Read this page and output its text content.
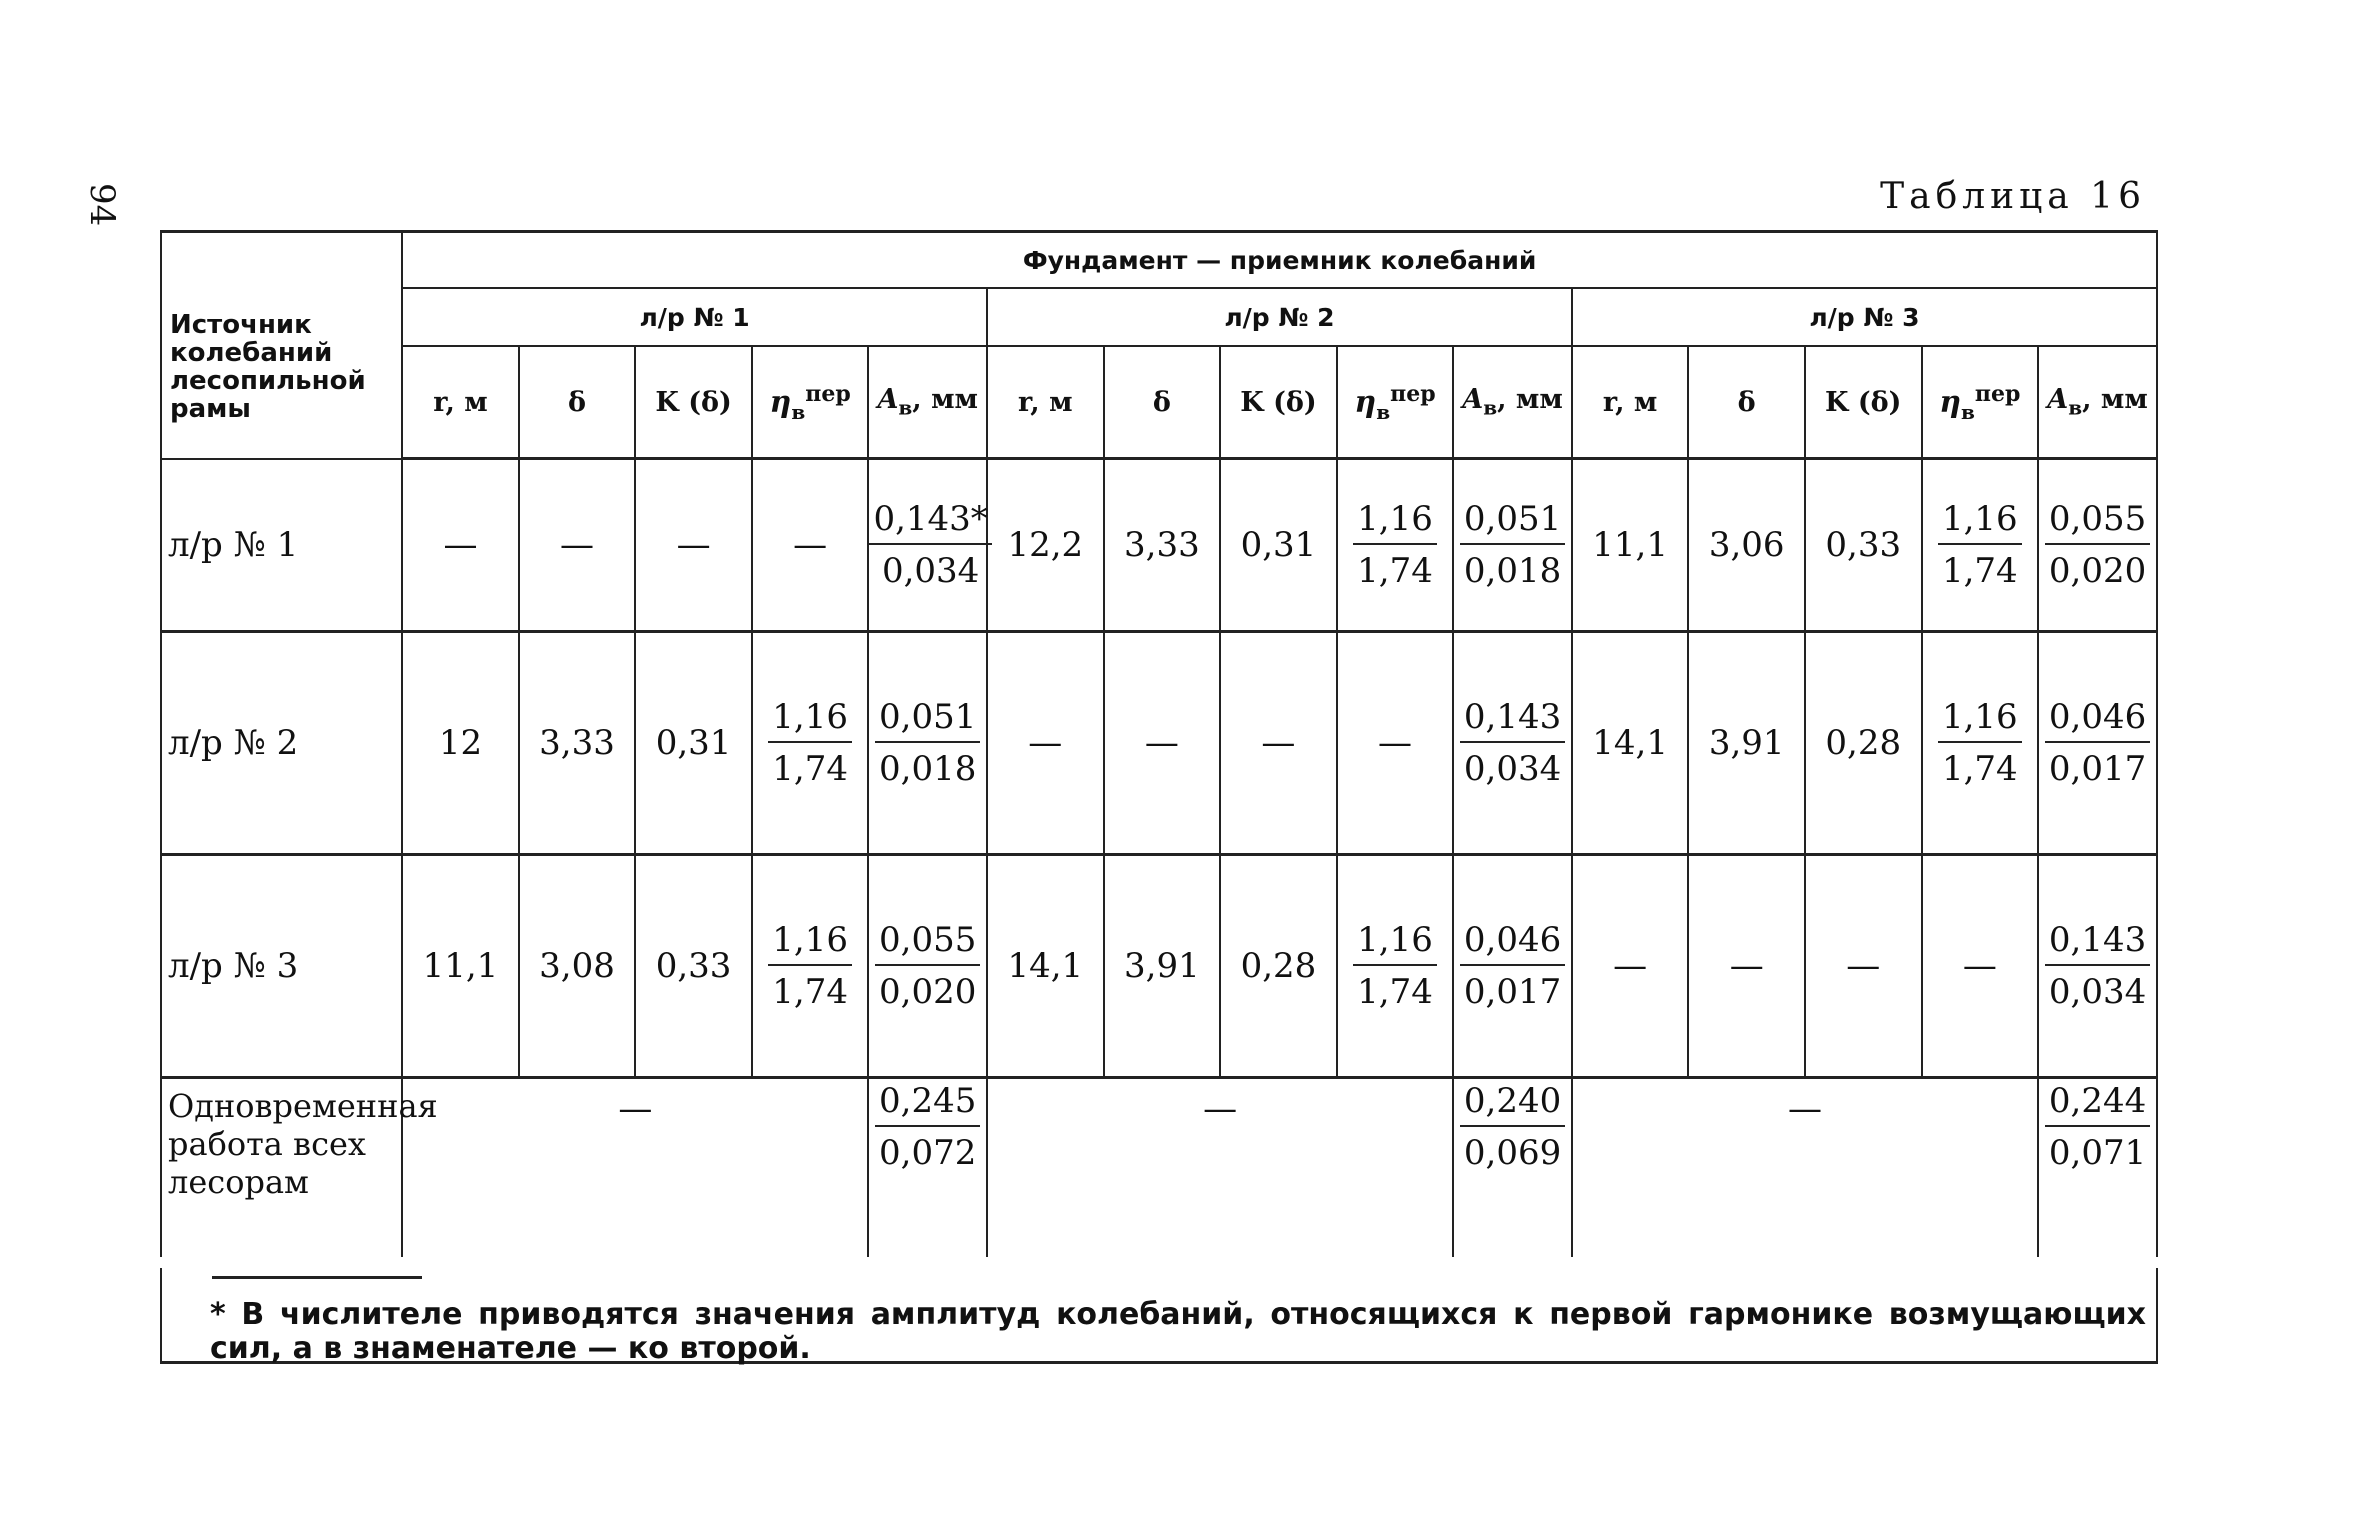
94	Таблица 16
Источник колебаний лесопильной рамы	Фундамент — приемник колебаний														
	л/р № 1					л/р № 2					л/р № 3				
	r, м	δ	K (δ)	$\eta_в^{пер}$	$A_в$, мм	r, м	δ	K (δ)	$\eta_в^{пер}$	$A_в$, мм	r, м	δ	K (δ)	$\eta_в^{пер}$	$A_в$, мм
л/р № 1	—	—	—	—	$\frac{0,143*}{0,034}$	12,2	3,33	0,31	$\frac{1,16}{1,74}$	$\frac{0,051}{0,018}$	11,1	3,06	0,33	$\frac{1,16}{1,74}$	$\frac{0,055}{0,020}$

л/р № 2	12	3,33	0,31	$\frac{1,16}{1,74}$	$\frac{0,051}{0,018}$	—	—	—	—	$\frac{0,143}{0,034}$	14,1	3,91	0,28	$\frac{1,16}{1,74}$	$\frac{0,046}{0,017}$

л/р № 3	11,1	3,08	0,33	$\frac{1,16}{1,74}$	$\frac{0,055}{0,020}$	14,1	3,91	0,28	$\frac{1,16}{1,74}$	$\frac{0,046}{0,017}$	—	—	—	—	$\frac{0,143}{0,034}$

Одновременная работа всех лесорам	—				$\frac{0,245}{0,072}$	—				$\frac{0,240}{0,069}$	—				$\frac{0,244}{0,071}$
* В числителе приводятся значения амплитуд колебаний, относящихся к первой гармонике возмущающих сил, а в знаменателе — ко второй.
